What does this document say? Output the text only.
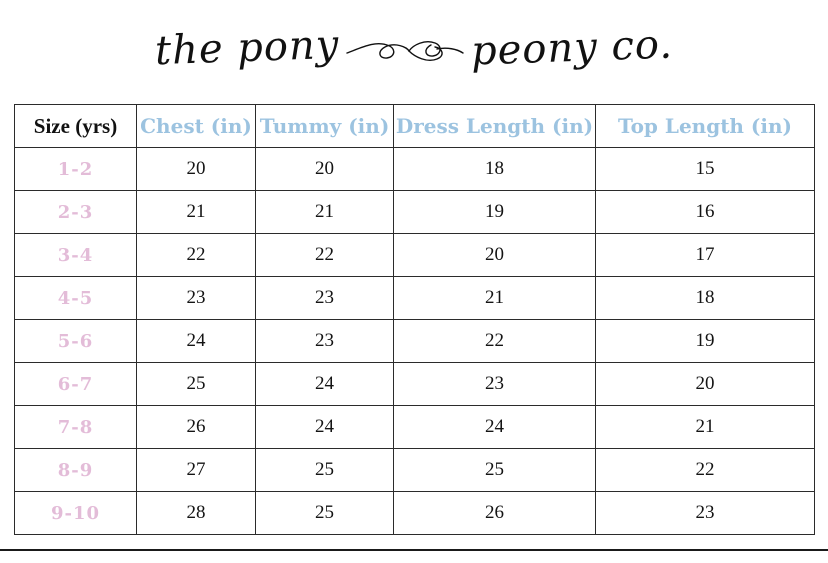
the pony	peony co.
Size (yrs)	Chest (in)	Tummy (in)	Dress Length (in)	Top Length (in)
1-2	20	20	18	15
2-3	21	21	19	16
3-4	22	22	20	17
4-5	23	23	21	18
5-6	24	23	22	19
6-7	25	24	23	20
7-8	26	24	24	21
8-9	27	25	25	22
9-10	28	25	26	23
